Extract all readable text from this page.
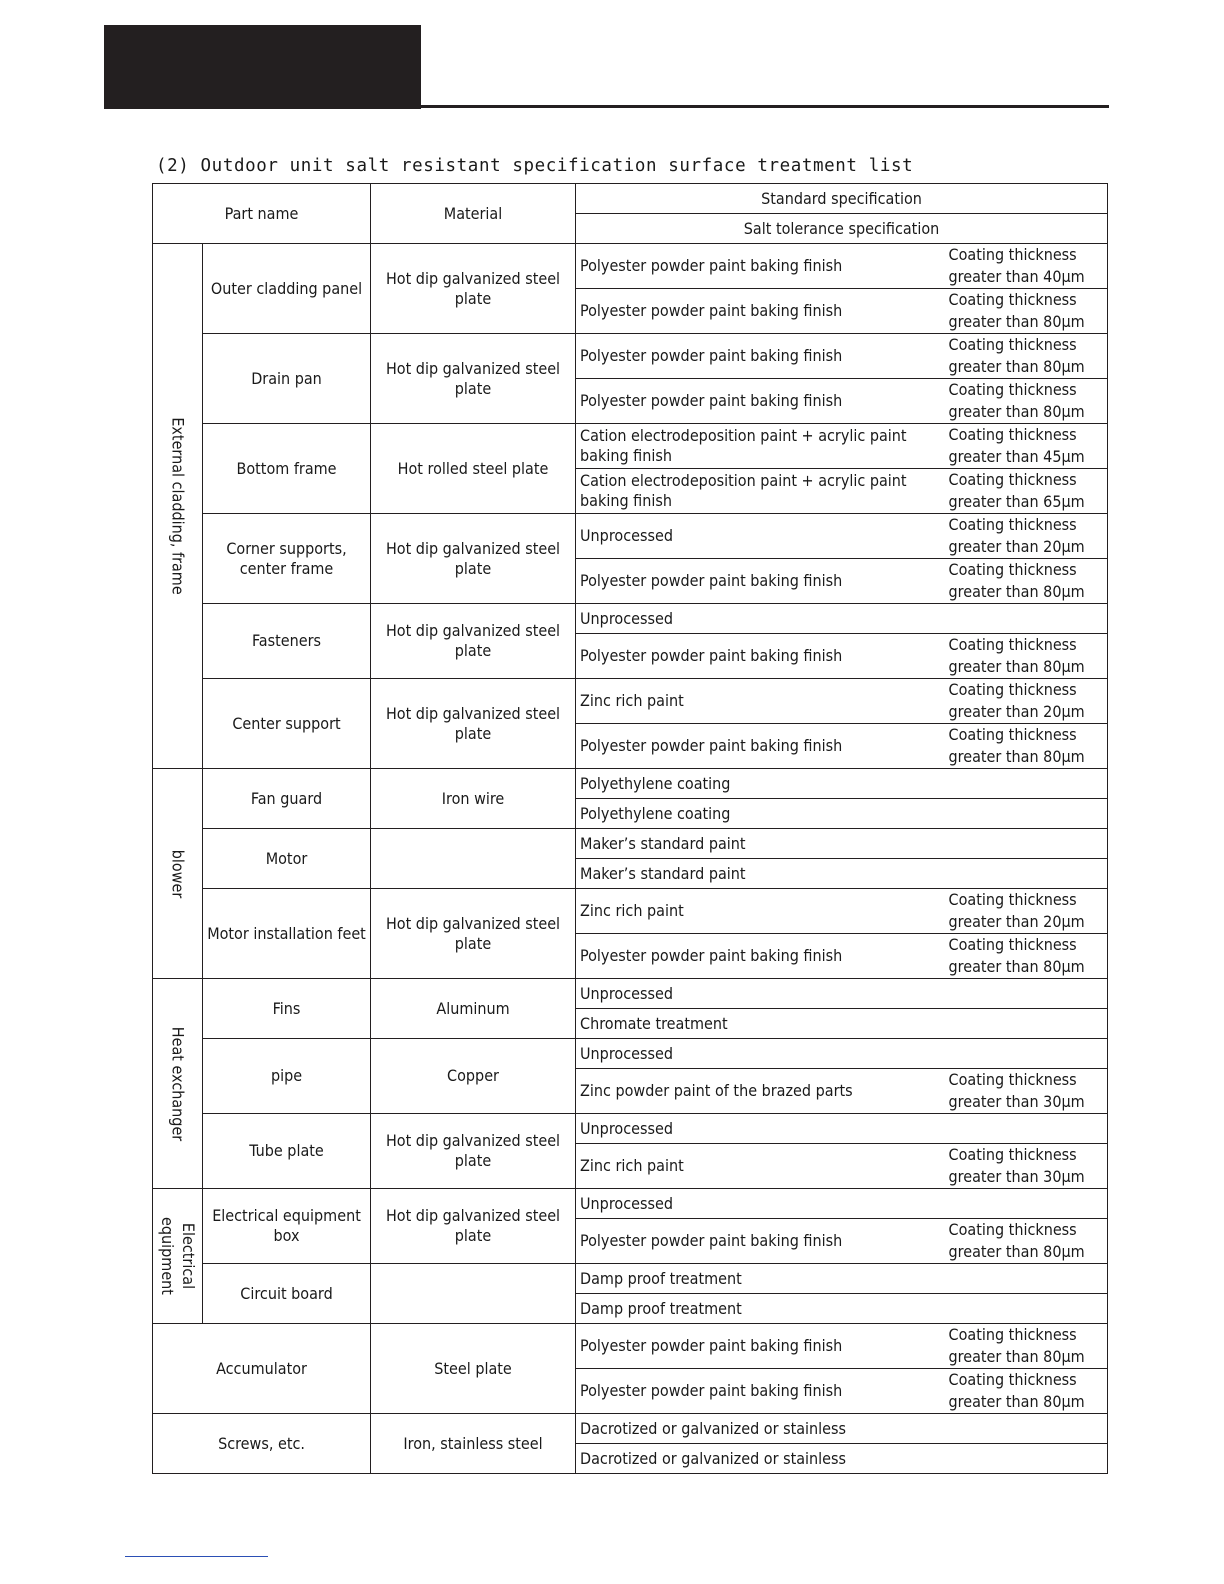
(2) Outdoor unit salt resistant specification surface treatment list
Part name		Material	Standard specification	
			Salt tolerance specification	

External cladding, frame	Outer cladding panel	Hot dip galvanized steel plate	Polyester powder paint baking finish	Coating thickness greater than 40µm
			Polyester powder paint baking finish	Coating thickness greater than 80µm
	Drain pan	Hot dip galvanized steel plate	Polyester powder paint baking finish	Coating thickness greater than 80µm
			Polyester powder paint baking finish	Coating thickness greater than 80µm
	Bottom frame	Hot rolled steel plate	Cation electrodeposition paint + acrylic paint baking finish	Coating thickness greater than 45µm
			Cation electrodeposition paint + acrylic paint baking finish	Coating thickness greater than 65µm
	Corner supports, center frame	Hot dip galvanized steel plate	Unprocessed	Coating thickness greater than 20µm
			Polyester powder paint baking finish	Coating thickness greater than 80µm
	Fasteners	Hot dip galvanized steel plate	Unprocessed	
			Polyester powder paint baking finish	Coating thickness greater than 80µm
	Center support	Hot dip galvanized steel plate	Zinc rich paint	Coating thickness greater than 20µm
			Polyester powder paint baking finish	Coating thickness greater than 80µm

blower	Fan guard	Iron wire	Polyethylene coating	
			Polyethylene coating	
	Motor		Maker’s standard paint	
			Maker’s standard paint	
	Motor installation feet	Hot dip galvanized steel plate	Zinc rich paint	Coating thickness greater than 20µm
			Polyester powder paint baking finish	Coating thickness greater than 80µm

Heat exchanger	Fins	Aluminum	Unprocessed	
			Chromate treatment	
	pipe	Copper	Unprocessed	
			Zinc powder paint of the brazed parts	Coating thickness greater than 30µm
	Tube plate	Hot dip galvanized steel plate	Unprocessed	
			Zinc rich paint	Coating thickness greater than 30µm

Electrical equipment	Electrical equipment box	Hot dip galvanized steel plate	Unprocessed	
			Polyester powder paint baking finish	Coating thickness greater than 80µm
	Circuit board		Damp proof treatment	
			Damp proof treatment	
Accumulator		Steel plate	Polyester powder paint baking finish	Coating thickness greater than 80µm
			Polyester powder paint baking finish	Coating thickness greater than 80µm
Screws, etc.		Iron, stainless steel	Dacrotized or galvanized or stainless	
			Dacrotized or galvanized or stainless	
